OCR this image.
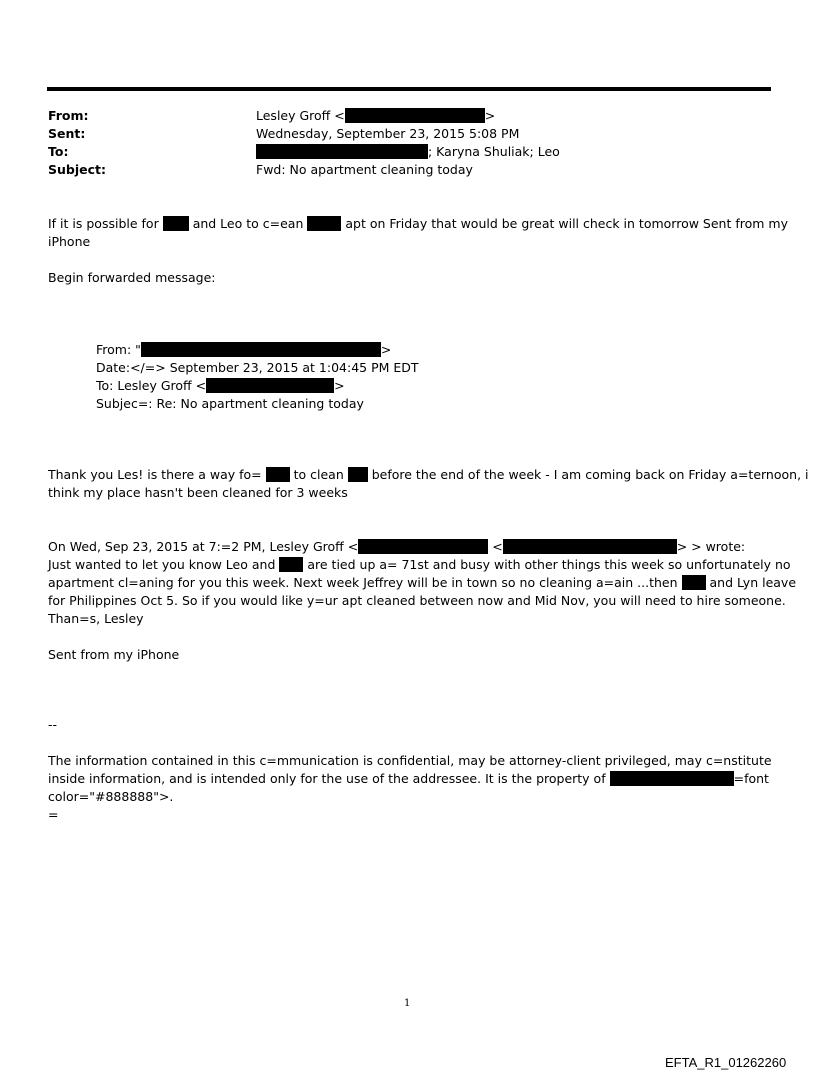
From:	Lesley Groff <	>
Sent:	Wednesday, September 23, 2015 5:08 PM
To:	; Karyna Shuliak; Leo
Subject:	Fwd: No apartment cleaning today
If it is possible for	and Leo to c=ean	apt on Friday that would be great will check in tomorrow Sent from my
iPhone
Begin forwarded message:
From: "	>
Date:</=> September 23, 2015 at 1:04:45 PM EDT
To: Lesley Groff <	>
Subjec=: Re: No apartment cleaning today
Thank you Les! is there a way fo=	to clean before the end of the week - I am coming back on Friday a=ternoon, i
think my place hasn't been cleaned for 3 weeks
On Wed, Sep 23, 2015 at 7:=2 PM, Lesley Groff <	<	> > wrote:
Just wanted to let you know Leo and	are tied up a= 71st and busy with other things this week so unfortunately no
apartment cl=aning for you this week. Next week Jeffrey will be in town so no cleaning a=ain ...then	and Lyn leave
for Philippines Oct 5. So if you would like y=ur apt cleaned between now and Mid Nov, you will need to hire someone.
Than=s, Lesley
Sent from my iPhone
--
The information contained in this c=mmunication is confidential, may be attorney-client privileged, may c=nstitute
inside information, and is intended only for the use of the addressee. It is the property of	=font
color="#888888">.
=
1
EFTA_R1_01262260
